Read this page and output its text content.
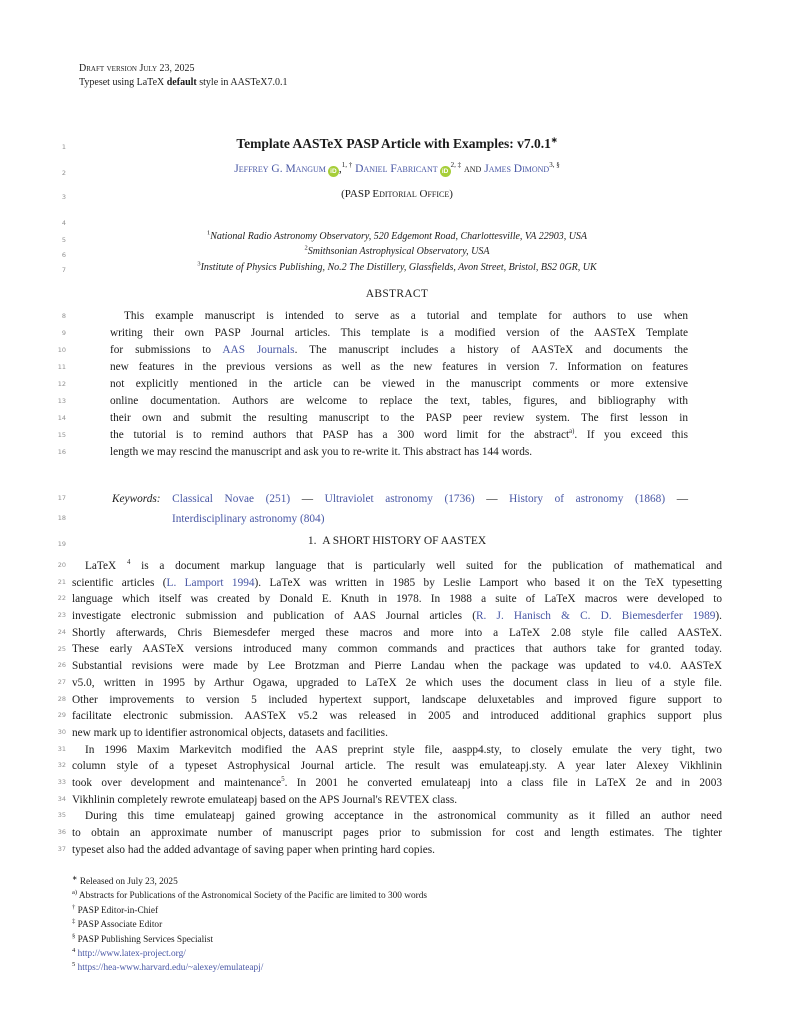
1
2
3
4
5
6
7
8
9
10
11
12
13
14
15
16
17
18
19
20
21
22
23
24
25
26
27
28
29
30
31
32
33
34
35
36
37
Draft version July 23, 2025
Typeset using LaTeX default style in AASTeX7.0.1
Template AASTeX PASP Article with Examples: v7.0.1∗
Jeffrey G. Mangum iD ,$^{1, \dagger}$ Daniel Fabricant $iD^{2, \ddagger}$ and James Dimond$^{3, \S}$
(PASP Editorial Office)
$^1$National Radio Astronomy Observatory, 520 Edgemont Road, Charlottesville, VA 22903, USA
$^2$Smithsonian Astrophysical Observatory, USA
$^3$Institute of Physics Publishing, No.2 The Distillery, Glassfields, Avon Street, Bristol, BS2 0GR, UK
ABSTRACT
This example manuscript is intended to serve as a tutorial and template for authors to use when
writing their own PASP Journal articles. This template is a modified version of the AASTeX Template
for submissions to AAS Journals. The manuscript includes a history of AASTeX and documents the
new features in the previous versions as well as the new features in version 7. Information on features
not explicitly mentioned in the article can be viewed in the manuscript comments or more extensive
online documentation. Authors are welcome to replace the text, tables, figures, and bibliography with
their own and submit the resulting manuscript to the PASP peer review system. The first lesson in
the tutorial is to remind authors that PASP has a 300 word limit for the abstract$^{a)}$. If you exceed this
length we may rescind the manuscript and ask you to re-write it. This abstract has 144 words.
Keywords: Classical Novae (251) — Ultraviolet astronomy (1736) — History of astronomy (1868) —
Interdisciplinary astronomy (804)
1. A SHORT HISTORY OF AASTEX
LaTeX $^4$ is a document markup language that is particularly well suited for the publication of mathematical and
scientific articles (L. Lamport 1994). LaTeX was written in 1985 by Leslie Lamport who based it on the TeX typesetting
language which itself was created by Donald E. Knuth in 1978. In 1988 a suite of LaTeX macros were developed to
investigate electronic submission and publication of AAS Journal articles (R. J. Hanisch & C. D. Biemesderfer 1989).
Shortly afterwards, Chris Biemesdefer merged these macros and more into a LaTeX 2.08 style file called AASTeX.
These early AASTeX versions introduced many common commands and practices that authors take for granted today.
Substantial revisions were made by Lee Brotzman and Pierre Landau when the package was updated to v4.0. AASTeX
v5.0, written in 1995 by Arthur Ogawa, upgraded to LaTeX 2e which uses the document class in lieu of a style file.
Other improvements to version 5 included hypertext support, landscape deluxetables and improved figure support to
facilitate electronic submission. AASTeX v5.2 was released in 2005 and introduced additional graphics support plus
new mark up to identifier astronomical objects, datasets and facilities.
In 1996 Maxim Markevitch modified the AAS preprint style file, aaspp4.sty, to closely emulate the very tight, two
column style of a typeset Astrophysical Journal article. The result was emulateapj.sty. A year later Alexey Vikhlinin
took over development and maintenance$^5$. In 2001 he converted emulateapj into a class file in LaTeX 2e and in 2003
Vikhlinin completely rewrote emulateapj based on the APS Journal's REVTEX class.
During this time emulateapj gained growing acceptance in the astronomical community as it filled an author need
to obtain an approximate number of manuscript pages prior to submission for cost and length estimates. The tighter
typeset also had the added advantage of saving paper when printing hard copies.
∗ Released on July 23, 2025
$^{a)}$ Abstracts for Publications of the Astronomical Society of the Pacific are limited to 300 words
† PASP Editor-in-Chief
‡ PASP Associate Editor
§ PASP Publishing Services Specialist
$^4$ http://www.latex-project.org/
$^5$ https://hea-www.harvard.edu/~alexey/emulateapj/
